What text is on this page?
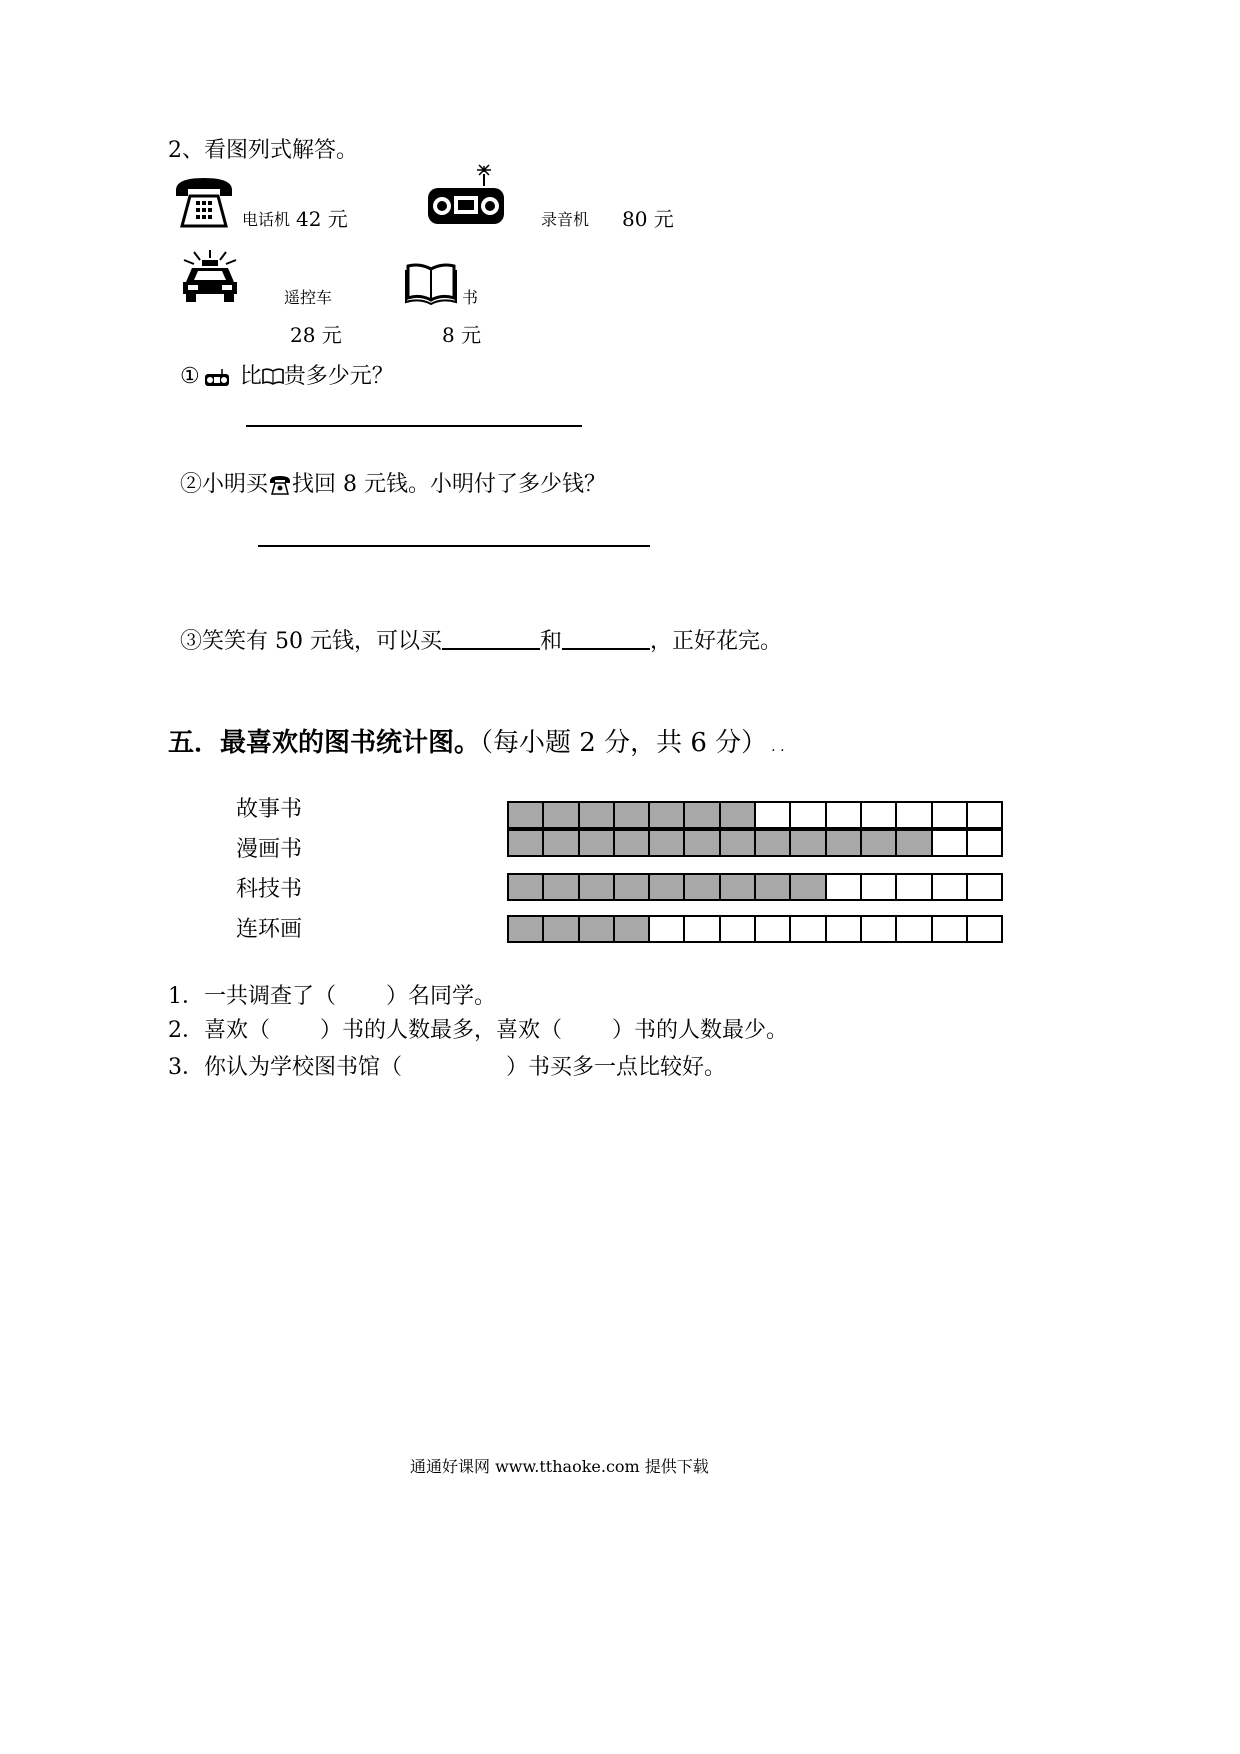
2、看图列式解答。
电话机 42 元	录音机 80 元
遥控车
28 元
书
8 元
① 比 贵多少元？
②小明买 找回 8 元钱。小明付了多少钱？
③笑笑有 50 元钱，可以买	和	，正好花完。
五．最喜欢的图书统计图。（每小题 2 分，共 6 分） . .
故事书
漫画书
科技书
连环画
1．一共调查了（ ）名同学。
2．喜欢（ ）书的人数最多，喜欢（ ）书的人数最少。
3．你认为学校图书馆（	）书买多一点比较好。
通通好课网 www.tthaoke.com 提供下载
